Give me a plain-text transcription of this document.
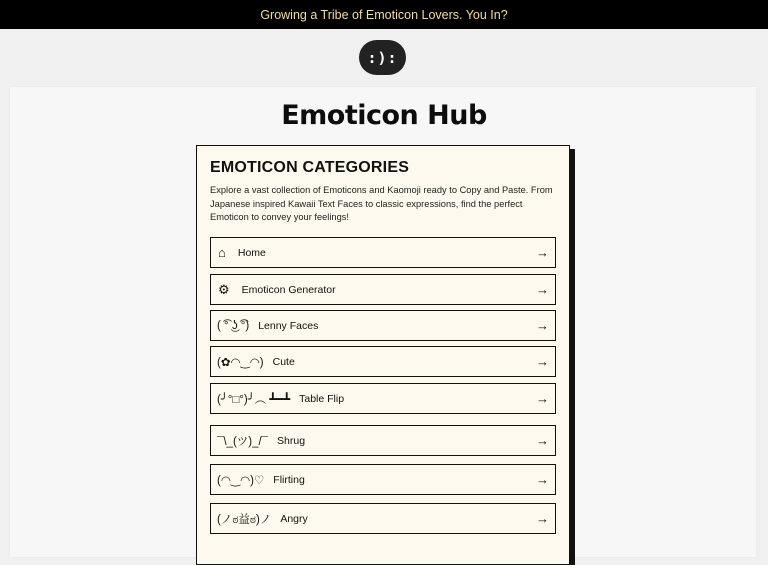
Growing a Tribe of Emoticon Lovers. You In?
:):
Emoticon Hub
EMOTICON CATEGORIES

Explore a vast collection of Emoticons and Kaomoji ready to Copy and Paste. From Japanese inspired Kawaii Text Faces to classic expressions, find the perfect Emoticon to convey your feelings!

⌂ Home	→
⚙ Emoticon Generator	→
( ͡° ͜ʖ ͡°) Lenny Faces	→
(✿◠‿◠) Cute	→
(╯°□°)╯︵ ┻━┻ Table Flip	→
¯\_(ツ)_/¯ Shrug	→
(◠‿◠)♡ Flirting	→
(ノಠ益ಠ)ノ Angry	→
